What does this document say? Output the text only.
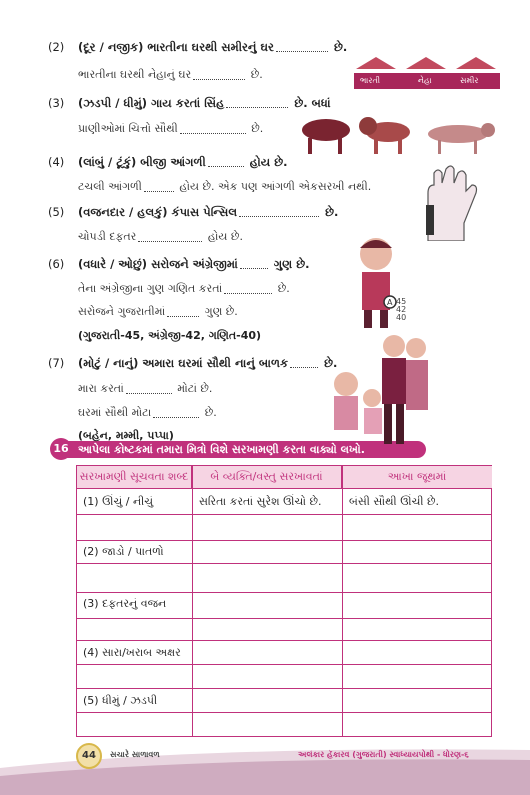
(2) (દૂર / નજીક) ભારતીના ઘરથી સમીરનું ઘર	છે.
ભારતીના ઘરથી નેહાનું ઘર	છે.	ભારતી	નેહા	સમીર
(3) (ઝડપી / ધીમું) ગાય કરતાં સિંહ	છે. બધાં
પ્રાણીઓમાં ચિત્તો સૌથી	છે.
(4) (લાંબું / ટૂંકું) બીજી આંગળી	હોય છે.
ટચલી આંગળી	હોય છે. એક પણ આંગળી એકસરખી નથી.
(5) (વજનદાર / હલકું) કંપાસ પેન્સિલ	છે.
ચોપડી દફતર	હોય છે.
(6) (વધારે / ઓછું) સરોજને અંગ્રેજીમાં	ગુણ છે.
તેના અંગ્રેજીના ગુણ ગણિત કરતાં	છે.
સરોજને ગુજરાતીમાં	ગુણ છે.
(ગુજરાતી-45, અંગ્રેજી-42, ગણિત-40)
A 45 42 40
(7) (મોટું / નાનું) અમારા ઘરમાં સૌથી નાનું બાળક	છે.
મારા કરતાં	મોટાં છે.
ઘરમાં સૌથી મોટા	છે.
(બહેન, મમ્મી, પપ્પા)
16 આપેલા કોષ્ટકમાં તમારા મિત્રો વિશે સરખામણી કરતા વાક્યો લખો.
સરખામણી સૂચવતા શબ્દ	બે વ્યક્તિ/વસ્તુ સરખાવતાં	આખા જૂથમાં
(1) ઊંચું / નીચું	સરિતા કરતાં સુરેશ ઊંચો છે.	બંસી સૌથી ઊંચી છે.
(2) જાડો / પાતળો
(3) દફતરનું વજન
(4) સારા/ખરાબ અક્ષર
(5) ધીમું / ઝડપી
44	સચારે સાળાવળ	અલંકાર હૅકારવ (ગુજરાતી) સ્વાધ્યાયપોથી - ધોરણ-૬
